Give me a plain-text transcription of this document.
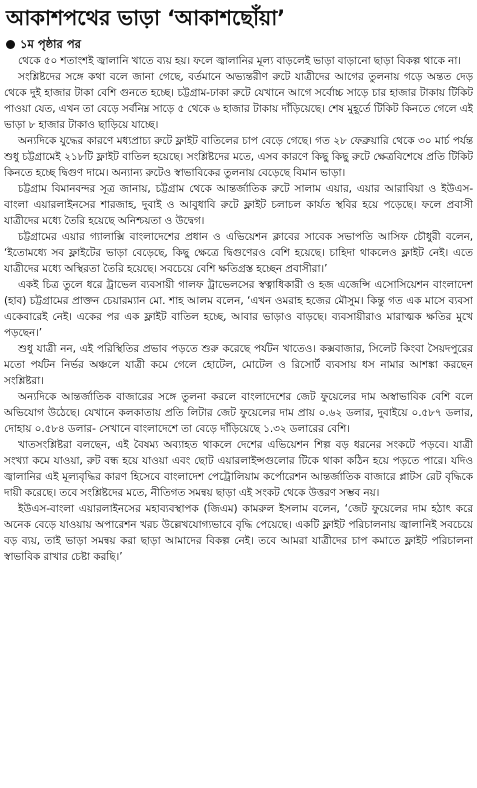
আকাশপথের ভাড়া ‘আকাশছোঁয়া’
১ম পৃষ্ঠার পর

থেকে ৫০ শতাংশই জ্বালানি খাতে ব্যয় হয়। ফলে জ্বালানির মূল্য বাড়লেই ভাড়া বাড়ানো ছাড়া বিকল্প থাকে না।

সংশ্লিষ্টদের সঙ্গে কথা বলে জানা গেছে, বর্তমানে অভ্যন্তরীণ রুটে যাত্রীদের আগের তুলনায় গড়ে অন্তত দেড় থেকে দুই হাজার টাকা বেশি গুনতে হচ্ছে। চট্টগ্রাম-ঢাকা রুটে যেখানে আগে সর্বোচ্চ সাড়ে চার হাজার টাকায় টিকিট পাওয়া যেত, এখন তা বেড়ে সর্বনিম্ন সাড়ে ৫ থেকে ৬ হাজার টাকায় দাঁড়িয়েছে। শেষ মুহূর্তে টিকিট কিনতে গেলে এই ভাড়া ৮ হাজার টাকাও ছাড়িয়ে যাচ্ছে।

অন্যদিকে যুদ্ধের কারণে মধ্যপ্রাচ্য রুটে ফ্লাইট বাতিলের চাপ বেড়ে গেছে। গত ২৮ ফেব্রুয়ারি থেকে ৩০ মার্চ পর্যন্ত শুধু চট্টগ্রামেই ২১৮টি ফ্লাইট বাতিল হয়েছে। সংশ্লিষ্টদের মতে, এসব কারণে কিছু কিছু রুটে ক্ষেত্রবিশেষে প্রতি টিকিট কিনতে হচ্ছে দ্বিগুণ দামে। অন্যান্য রুটেও স্বাভাবিকের তুলনায় বেড়েছে বিমান ভাড়া।

চট্টগ্রাম বিমানবন্দর সূত্র জানায়, চট্টগ্রাম থেকে আন্তর্জাতিক রুটে সালাম এয়ার, এয়ার আরাবিয়া ও ইউএস-বাংলা এয়ারলাইনসের শারজাহ, দুবাই ও আবুধাবি রুটে ফ্লাইট চলাচল কার্যত স্থবির হয়ে পড়েছে। ফলে প্রবাসী যাত্রীদের মধ্যে তৈরি হয়েছে অনিশ্চয়তা ও উদ্বেগ।

চট্টগ্রামের এয়ার গ্যালাক্সি বাংলাদেশের প্রধান ও এভিয়েশন ক্লাবের সাবেক সভাপতি আসিফ চৌধুরী বলেন, ‘ইতোমধ্যে সব ফ্লাইটের ভাড়া বেড়েছে, কিছু ক্ষেত্রে দ্বিগুণেরও বেশি হয়েছে। চাহিদা থাকলেও ফ্লাইট নেই। এতে যাত্রীদের মধ্যে অস্থিরতা তৈরি হয়েছে। সবচেয়ে বেশি ক্ষতিগ্রস্ত হচ্ছেন প্রবাসীরা।’

একই চিত্র তুলে ধরে ট্রাভেল ব্যবসায়ী গালফ ট্রাভেলসের স্বত্বাধিকারী ও হজ এজেন্সি এসোসিয়েশন বাংলাদেশ (হাব) চট্টগ্রামের প্রাক্তন চেয়ারম্যান মো. শাহ আলম বলেন, ‘এখন ওমরাহ হজের মৌসুম। কিন্তু গত এক মাসে ব্যবসা একেবারেই নেই। একের পর এক ফ্লাইট বাতিল হচ্ছে, আবার ভাড়াও বাড়ছে। ব্যবসায়ীরাও মারাত্মক ক্ষতির মুখে পড়ছেন।’

শুধু যাত্রী নন, এই পরিস্থিতির প্রভাব পড়তে শুরু করেছে পর্যটন খাতেও। কক্সবাজার, সিলেট কিংবা সৈয়দপুরের মতো পর্যটন নির্ভর অঞ্চলে যাত্রী কমে গেলে হোটেল, মোটেল ও রিসোর্ট ব্যবসায় ধস নামার আশঙ্কা করছেন সংশ্লিষ্টরা।

অন্যদিকে আন্তর্জাতিক বাজারের সঙ্গে তুলনা করলে বাংলাদেশের জেট ফুয়েলের দাম অস্বাভাবিক বেশি বলে অভিযোগ উঠেছে। যেখানে কলকাতায় প্রতি লিটার জেট ফুয়েলের দাম প্রায় ০.৬২ ডলার, দুবাইয়ে ০.৫৮৭ ডলার, দোহায় ০.৫৮৪ ডলার- সেখানে বাংলাদেশে তা বেড়ে দাঁড়িয়েছে ১.৩২ ডলারের বেশি।

খাতসংশ্লিষ্টরা বলছেন, এই বৈষম্য অব্যাহত থাকলে দেশের এভিয়েশন শিল্প বড় ধরনের সংকটে পড়বে। যাত্রী সংখ্যা কমে যাওয়া, রুট বন্ধ হয়ে যাওয়া এবং ছোট এয়ারলাইন্সগুলোর টিকে থাকা কঠিন হয়ে পড়তে পারে। যদিও জ্বালানির এই মূল্যবৃদ্ধির কারণ হিসেবে বাংলাদেশ পেট্রোলিয়াম কর্পোরেশন আন্তর্জাতিক বাজারে প্লাটস রেট বৃদ্ধিকে দায়ী করেছে। তবে সংশ্লিষ্টদের মতে, নীতিগত সমন্বয় ছাড়া এই সংকট থেকে উত্তরণ সম্ভব নয়।

ইউএস-বাংলা এয়ারলাইনসের মহাব্যবস্থাপক (জিএম) কামরুল ইসলাম বলেন, ‘জেট ফুয়েলের দাম হঠাৎ করে অনেক বেড়ে যাওয়ায় অপারেশন খরচ উল্লেখযোগ্যভাবে বৃদ্ধি পেয়েছে। একটি ফ্লাইট পরিচালনায় জ্বালানিই সবচেয়ে বড় ব্যয়, তাই ভাড়া সমন্বয় করা ছাড়া আমাদের বিকল্প নেই। তবে আমরা যাত্রীদের চাপ কমাতে ফ্লাইট পরিচালনা স্বাভাবিক রাখার চেষ্টা করছি।’
